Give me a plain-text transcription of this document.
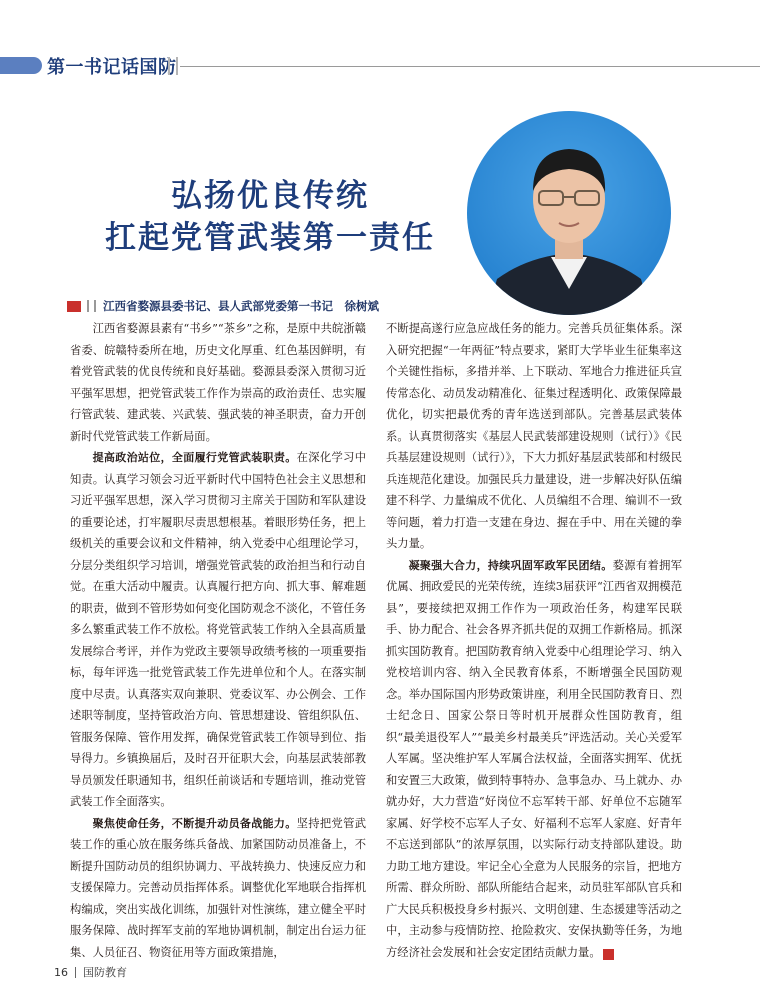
第一书记话国防
弘扬优良传统
扛起党管武装第一责任
江西省婺源县委书记、县人武部党委第一书记　徐树斌

江西省婺源县素有“书乡”“茶乡”之称，是原中共皖浙赣省委、皖赣特委所在地，历史文化厚重、红色基因鲜明，有着党管武装的优良传统和良好基础。婺源县委深入贯彻习近平强军思想，把党管武装工作作为崇高的政治责任、忠实履行管武装、建武装、兴武装、强武装的神圣职责，奋力开创新时代党管武装工作新局面。

提高政治站位，全面履行党管武装职责。在深化学习中知责。认真学习领会习近平新时代中国特色社会主义思想和习近平强军思想，深入学习贯彻习主席关于国防和军队建设的重要论述，打牢履职尽责思想根基。着眼形势任务，把上级机关的重要会议和文件精神，纳入党委中心组理论学习，分层分类组织学习培训，增强党管武装的政治担当和行动自觉。在重大活动中履责。认真履行把方向、抓大事、解难题的职责，做到不管形势如何变化国防观念不淡化，不管任务多么繁重武装工作不放松。将党管武装工作纳入全县高质量发展综合考评，并作为党政主要领导政绩考核的一项重要指标，每年评选一批党管武装工作先进单位和个人。在落实制度中尽责。认真落实双向兼职、党委议军、办公例会、工作述职等制度，坚持管政治方向、管思想建设、管组织队伍、管服务保障、管作用发挥，确保党管武装工作领导到位、指导得力。乡镇换届后，及时召开征职大会，向基层武装部教导员颁发任职通知书，组织任前谈话和专题培训，推动党管武装工作全面落实。

聚焦使命任务，不断提升动员备战能力。坚持把党管武装工作的重心放在服务练兵备战、加紧国防动员准备上，不断提升国防动员的组织协调力、平战转换力、快速反应力和支援保障力。完善动员指挥体系。调整优化军地联合指挥机构编成，突出实战化训练，加强针对性演练，建立健全平时服务保障、战时挥军支前的军地协调机制，制定出台运力征集、人员征召、物资征用等方面政策措施，

不断提高遂行应急应战任务的能力。完善兵员征集体系。深入研究把握“一年两征”特点要求，紧盯大学毕业生征集率这个关键性指标，多措并举、上下联动、军地合力推进征兵宣传常态化、动员发动精准化、征集过程透明化、政策保障最优化，切实把最优秀的青年选送到部队。完善基层武装体系。认真贯彻落实《基层人民武装部建设规则（试行）》《民兵基层建设规则（试行）》，下大力抓好基层武装部和村级民兵连规范化建设。加强民兵力量建设，进一步解决好队伍编建不科学、力量编成不优化、人员编组不合理、编训不一致等问题，着力打造一支建在身边、握在手中、用在关键的拳头力量。

凝聚强大合力，持续巩固军政军民团结。婺源有着拥军优属、拥政爱民的光荣传统，连续3届获评“江西省双拥模范县”，要接续把双拥工作作为一项政治任务，构建军民联手、协力配合、社会各界齐抓共促的双拥工作新格局。抓深抓实国防教育。把国防教育纳入党委中心组理论学习、纳入党校培训内容、纳入全民教育体系，不断增强全民国防观念。举办国际国内形势政策讲座，利用全民国防教育日、烈士纪念日、国家公祭日等时机开展群众性国防教育，组织“最美退役军人”“最美乡村最美兵”评选活动。关心关爱军人军属。坚决维护军人军属合法权益，全面落实拥军、优抚和安置三大政策，做到特事特办、急事急办、马上就办、办就办好，大力营造“好岗位不忘军转干部、好单位不忘随军家属、好学校不忘军人子女、好福利不忘军人家庭、好青年不忘送到部队”的浓厚氛围，以实际行动支持部队建设。助力助工地方建设。牢记全心全意为人民服务的宗旨，把地方所需、群众所盼、部队所能结合起来，动员驻军部队官兵和广大民兵积极投身乡村振兴、文明创建、生态援建等活动之中，主动参与疫情防控、抢险救灾、安保执勤等任务，为地方经济社会发展和社会安定团结贡献力量。	G

16 国防教育
